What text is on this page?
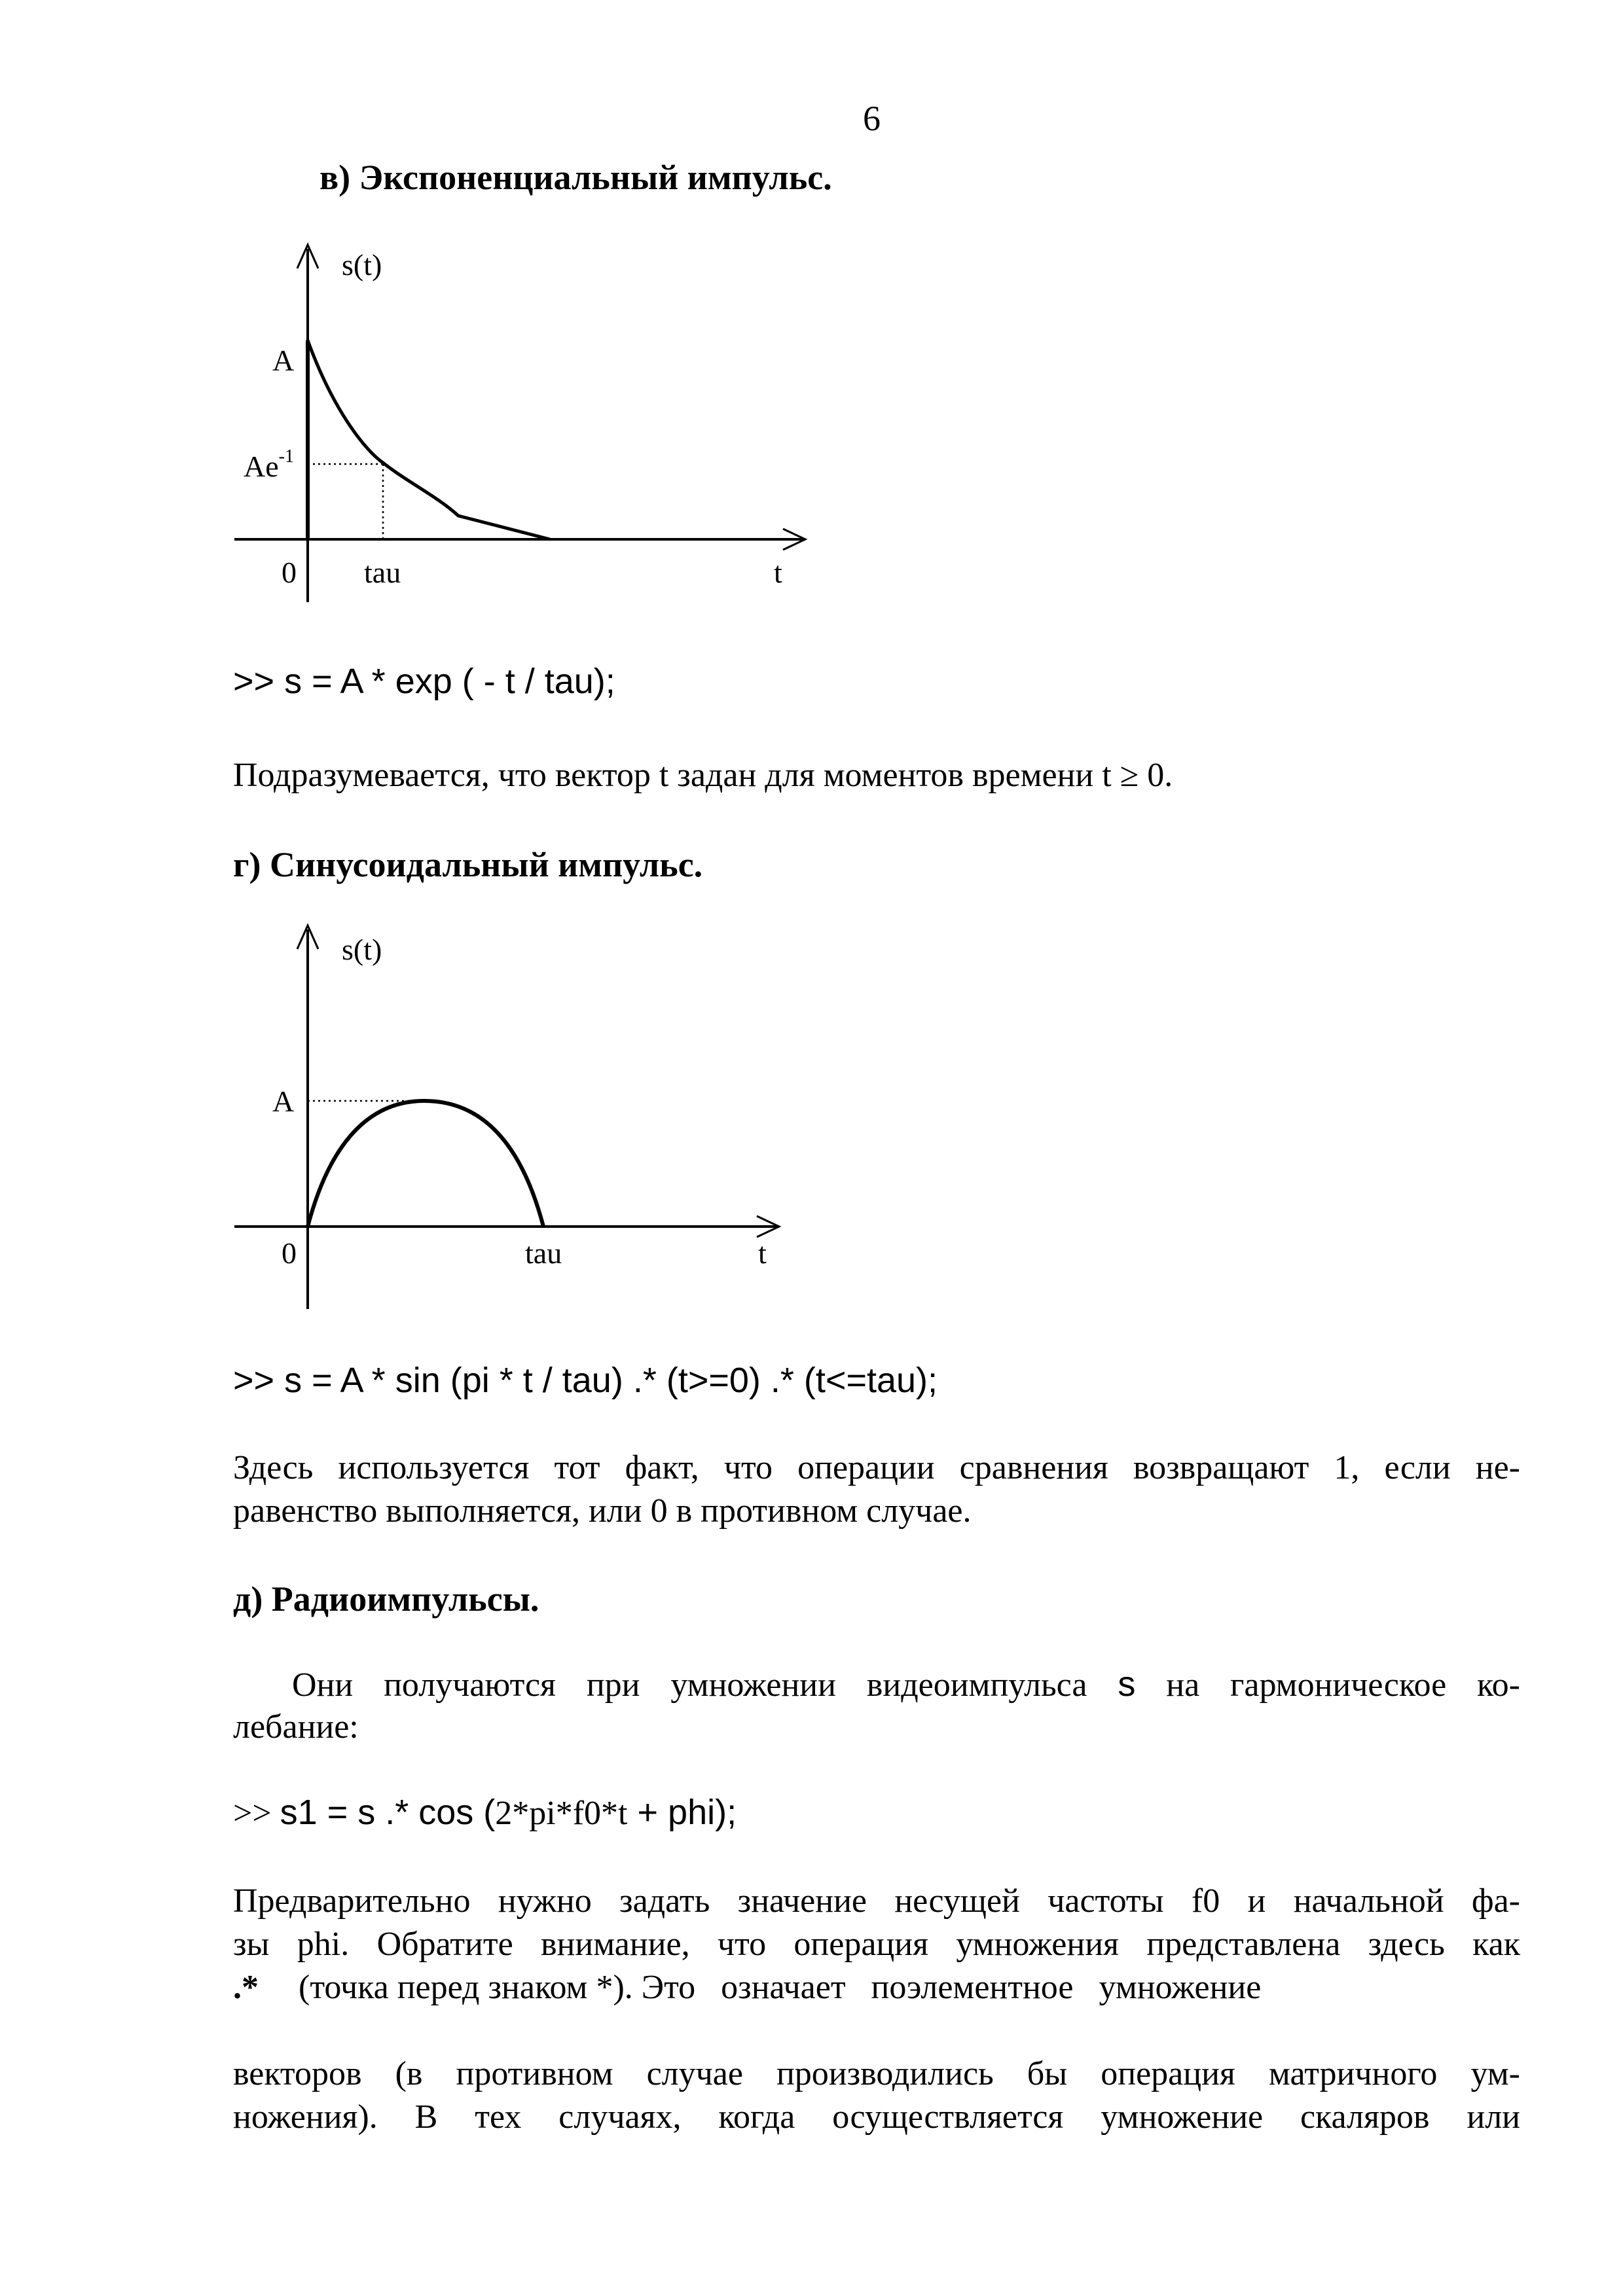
6
в) Экспоненциальный импульс.
s(t)
A
$Ae^{-1}$
0 tau	t
>> s = A * exp ( - t / tau);
Подразумевается, что вектор t задан для моментов времени t ≥ 0.
г) Синусоидальный импульс.
s(t)
A
0	tau	t
>> s = A * sin (pi * t / tau) .* (t>=0) .* (t<=tau);
Здесь используется тот факт, что операции сравнения возвращают 1, если не-
равенство выполняется, или 0 в противном случае.
д) Радиоимпульсы.
Они получаются при умножении видеоимпульса s на гармоническое ко-
лебание:
>> s1 = s .* cos (2*pi*f0*t + phi);
Предварительно нужно задать значение несущей частоты f0 и начальной фа-
зы phi. Обратите внимание, что операция умножения представлена здесь как
.* (точка перед знаком *). Это   означает   поэлементное   умножение
векторов (в противном случае производились бы операция матричного ум-
ножения). В тех случаях, когда осуществляется умножение скаляров или
